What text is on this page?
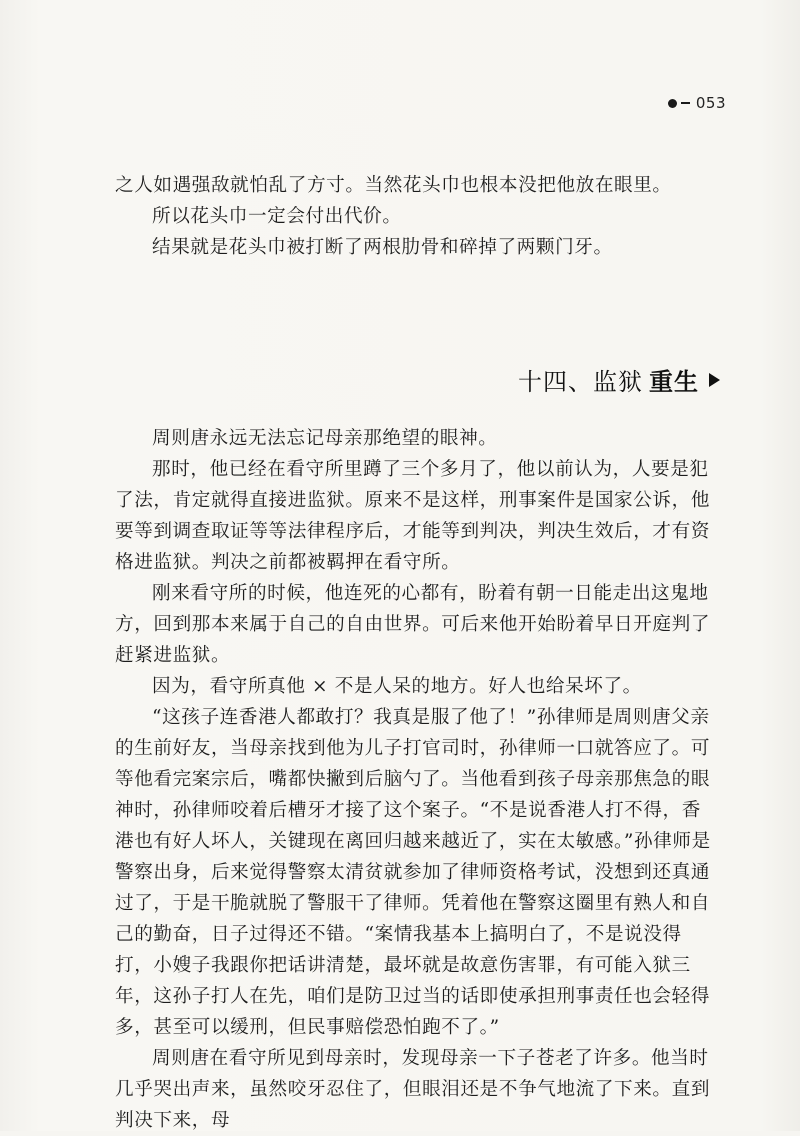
053

之人如遇强敌就怕乱了方寸。当然花头巾也根本没把他放在眼里。

所以花头巾一定会付出代价。

结果就是花头巾被打断了两根肋骨和碎掉了两颗门牙。

十四、监狱 重生

周则唐永远无法忘记母亲那绝望的眼神。

那时，他已经在看守所里蹲了三个多月了，他以前认为，人要是犯了法，肯定就得直接进监狱。原来不是这样，刑事案件是国家公诉，他要等到调查取证等等法律程序后，才能等到判决，判决生效后，才有资格进监狱。判决之前都被羁押在看守所。

刚来看守所的时候，他连死的心都有，盼着有朝一日能走出这鬼地方，回到那本来属于自己的自由世界。可后来他开始盼着早日开庭判了赶紧进监狱。

因为，看守所真他 × 不是人呆的地方。好人也给呆坏了。

“这孩子连香港人都敢打？我真是服了他了！”孙律师是周则唐父亲的生前好友，当母亲找到他为儿子打官司时，孙律师一口就答应了。可等他看完案宗后，嘴都快撇到后脑勺了。当他看到孩子母亲那焦急的眼神时，孙律师咬着后槽牙才接了这个案子。“不是说香港人打不得，香港也有好人坏人，关键现在离回归越来越近了，实在太敏感。”孙律师是警察出身，后来觉得警察太清贫就参加了律师资格考试，没想到还真通过了，于是干脆就脱了警服干了律师。凭着他在警察这圈里有熟人和自己的勤奋，日子过得还不错。“案情我基本上搞明白了，不是说没得打，小嫂子我跟你把话讲清楚，最坏就是故意伤害罪，有可能入狱三年，这孙子打人在先，咱们是防卫过当的话即使承担刑事责任也会轻得多，甚至可以缓刑，但民事赔偿恐怕跑不了。”

周则唐在看守所见到母亲时，发现母亲一下子苍老了许多。他当时几乎哭出声来，虽然咬牙忍住了，但眼泪还是不争气地流了下来。直到判决下来，母
